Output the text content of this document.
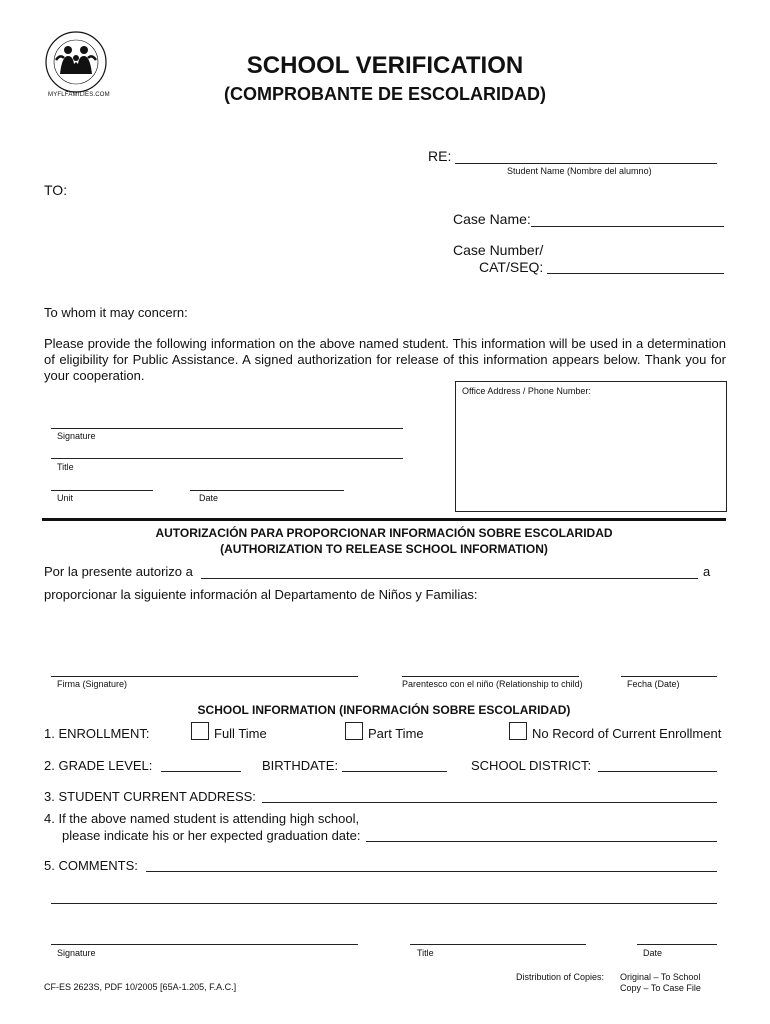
MYFLFAMILIES.COM
SCHOOL VERIFICATION
(COMPROBANTE DE ESCOLARIDAD)
RE:
Student Name (Nombre del alumno)
TO:
Case Name:
Case Number/
CAT/SEQ:
To whom it may concern:
Please provide the following information on the above named student. This information will be used in a determination of eligibility for Public Assistance. A signed authorization for release of this information appears below. Thank you for your cooperation.
Office Address / Phone Number:
Signature
Title
Unit	Date
AUTORIZACIÓN PARA PROPORCIONAR INFORMACIÓN SOBRE ESCOLARIDAD
(AUTHORIZATION TO RELEASE SCHOOL INFORMATION)
Por la presente autorizo a	a
proporcionar la siguiente información al Departamento de Niños y Familias:
Firma (Signature)	Parentesco con el niño (Relationship to child)	Fecha (Date)
SCHOOL INFORMATION (INFORMACIÓN SOBRE ESCOLARIDAD)
1. ENROLLMENT:	Full Time	Part Time	No Record of Current Enrollment
2. GRADE LEVEL:	BIRTHDATE:	SCHOOL DISTRICT:
3. STUDENT CURRENT ADDRESS:
4. If the above named student is attending high school,
please indicate his or her expected graduation date:
5. COMMENTS:
Signature	Title	Date
CF-ES 2623S, PDF 10/2005 [65A-1.205, F.A.C.]
Distribution of Copies: Original – To School
Copy – To Case File
